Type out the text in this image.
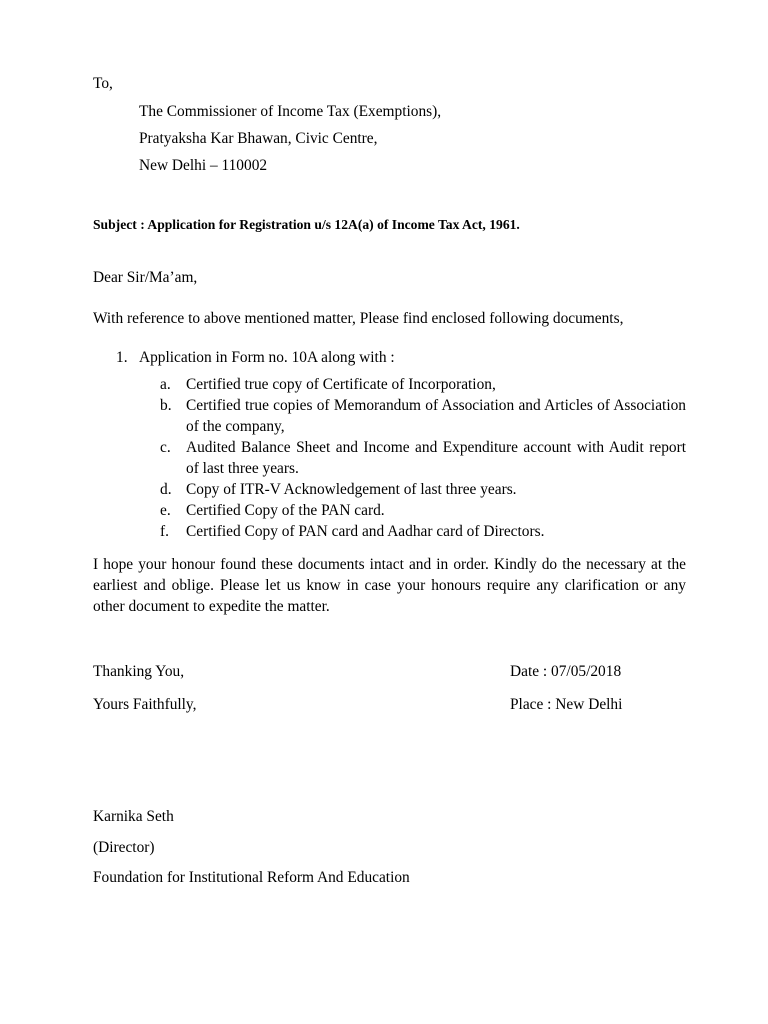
To,
The Commissioner of Income Tax (Exemptions),
Pratyaksha Kar Bhawan, Civic Centre,
New Delhi – 110002
Subject : Application for Registration u/s 12A(a) of Income Tax Act, 1961.
Dear Sir/Ma’am,
With reference to above mentioned matter, Please find enclosed following documents,
1. Application in Form no. 10A along with :
a. Certified true copy of Certificate of Incorporation,
b. Certified true copies of Memorandum of Association and Articles of Association of the company,
c. Audited Balance Sheet and Income and Expenditure account with Audit report of last three years.
d. Copy of ITR-V Acknowledgement of last three years.
e. Certified Copy of the PAN card.
f. Certified Copy of PAN card and Aadhar card of Directors.
I hope your honour found these documents intact and in order. Kindly do the necessary at the earliest and oblige. Please let us know in case your honours require any clarification or any other document to expedite the matter.
Thanking You,	Date : 07/05/2018
Yours Faithfully,	Place : New Delhi
Karnika Seth
(Director)
Foundation for Institutional Reform And Education
